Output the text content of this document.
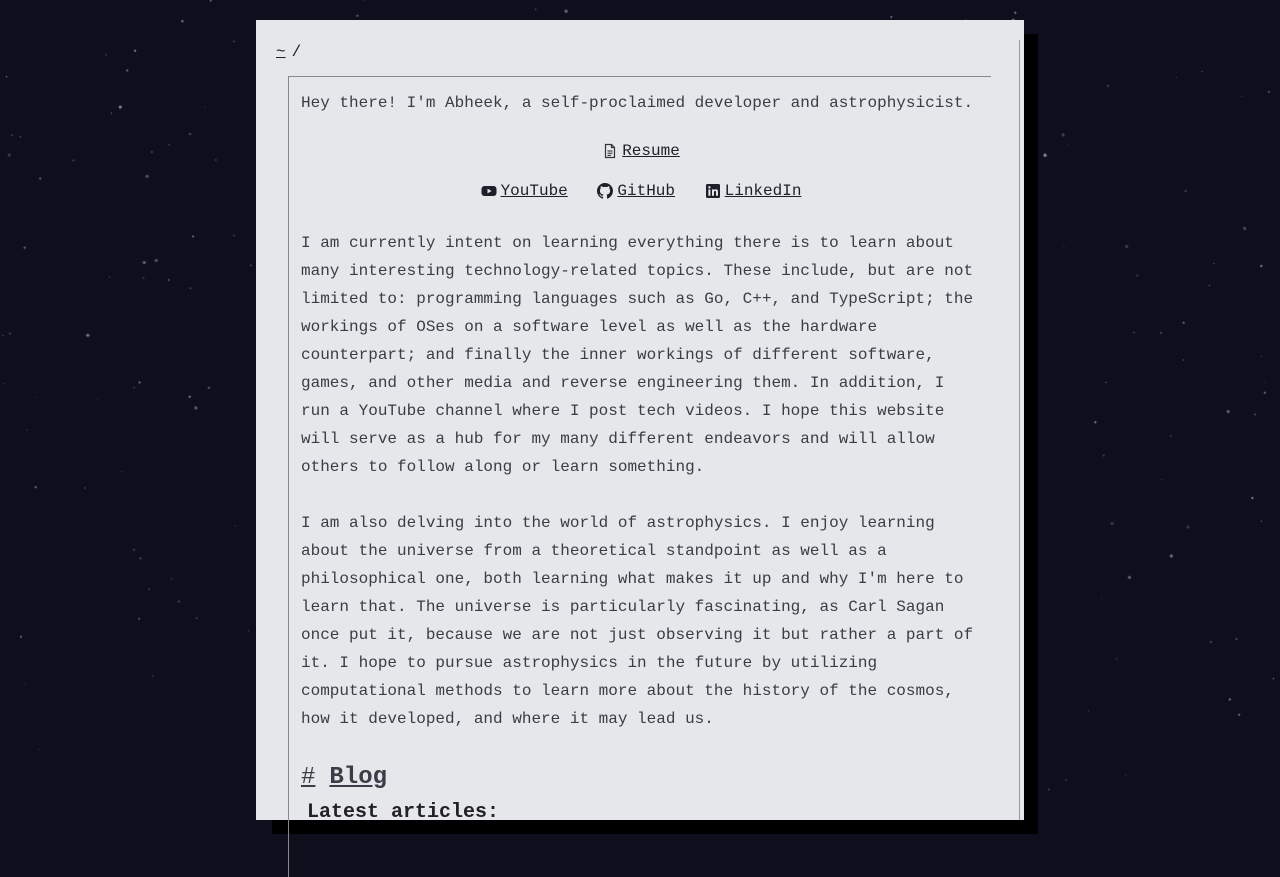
~ /

Hey there! I'm Abheek, a self-proclaimed developer and astrophysicist.

Resume
YouTube
	GitHub
	LinkedIn

I am currently intent on learning everything there is to learn about many interesting technology-related topics. These include, but are not limited to: programming languages such as Go, C++, and TypeScript; the workings of OSes on a software level as well as the hardware counterpart; and finally the inner workings of different software, games, and other media and reverse engineering them. In addition, I run a YouTube channel where I post tech videos. I hope this website will serve as a hub for my many different endeavors and will allow others to follow along or learn something.

I am also delving into the world of astrophysics. I enjoy learning about the universe from a theoretical standpoint as well as a philosophical one, both learning what makes it up and why I'm here to learn that. The universe is particularly fascinating, as Carl Sagan once put it, because we are not just observing it but rather a part of it. I hope to pursue astrophysics in the future by utilizing computational methods to learn more about the history of the cosmos, how it developed, and where it may lead us.

# Blog
Latest articles:
